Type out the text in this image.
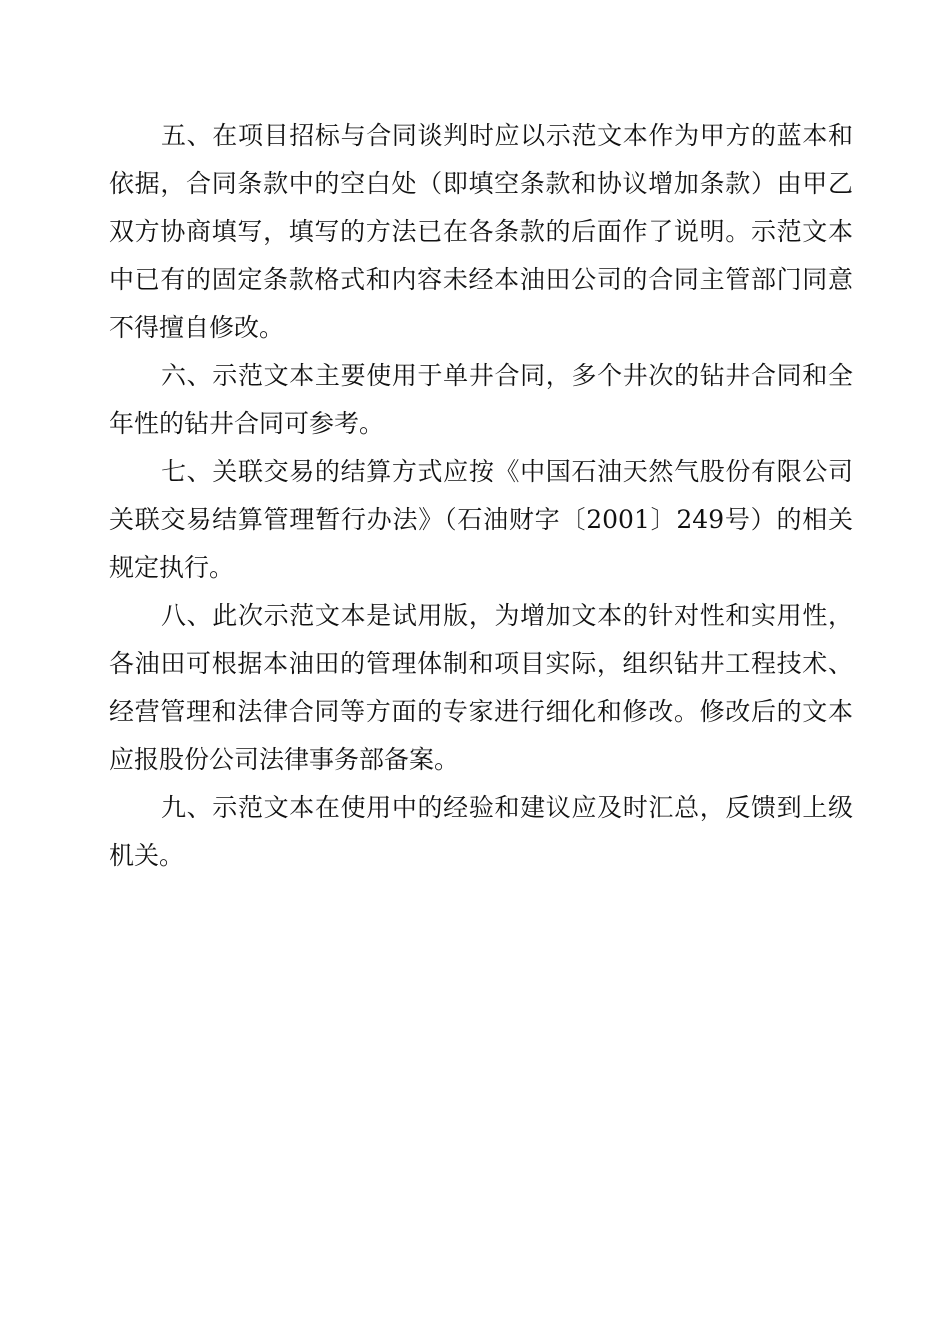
五、在项目招标与合同谈判时应以示范文本作为甲方的蓝本和
依据，合同条款中的空白处（即填空条款和协议增加条款）由甲乙
双方协商填写，填写的方法已在各条款的后面作了说明。示范文本
中已有的固定条款格式和内容未经本油田公司的合同主管部门同意
不得擅自修改。
六、示范文本主要使用于单井合同，多个井次的钻井合同和全
年性的钻井合同可参考。
七、关联交易的结算方式应按《中国石油天然气股份有限公司
关联交易结算管理暂行办法》（石油财字〔2001〕249号）的相关
规定执行。
八、此次示范文本是试用版，为增加文本的针对性和实用性，
各油田可根据本油田的管理体制和项目实际，组织钻井工程技术、
经营管理和法律合同等方面的专家进行细化和修改。修改后的文本
应报股份公司法律事务部备案。
九、示范文本在使用中的经验和建议应及时汇总，反馈到上级
机关。
